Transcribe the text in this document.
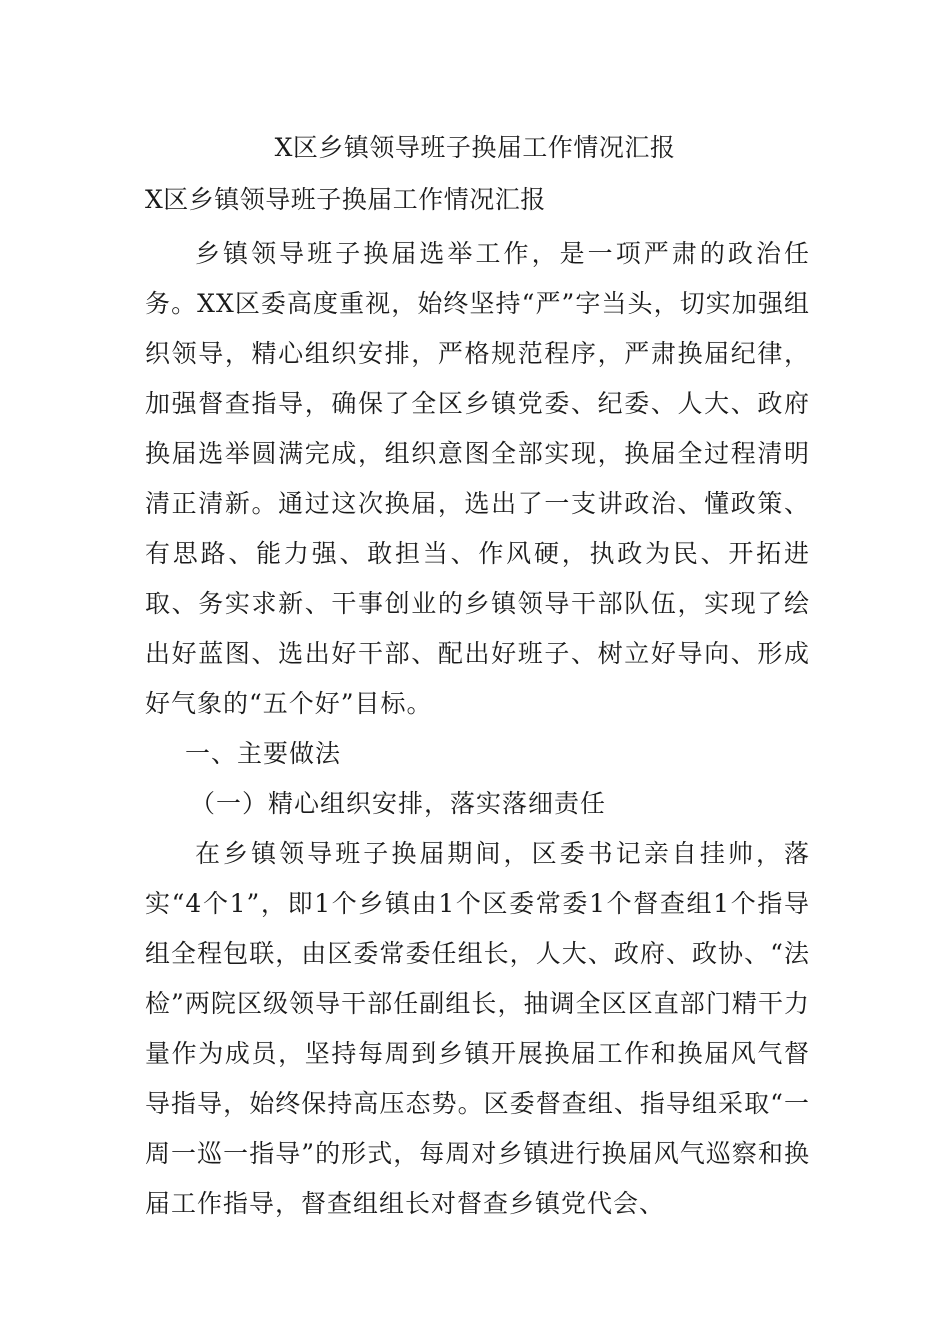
X区乡镇领导班子换届工作情况汇报

X区乡镇领导班子换届工作情况汇报

乡镇领导班子换届选举工作，是一项严肃的政治任务。XX区委高度重视，始终坚持“严”字当头，切实加强组织领导，精心组织安排，严格规范程序，严肃换届纪律，加强督查指导，确保了全区乡镇党委、纪委、人大、政府换届选举圆满完成，组织意图全部实现，换届全过程清明清正清新。通过这次换届，选出了一支讲政治、懂政策、有思路、能力强、敢担当、作风硬，执政为民、开拓进取、务实求新、干事创业的乡镇领导干部队伍，实现了绘出好蓝图、选出好干部、配出好班子、树立好导向、形成好气象的“五个好”目标。

一、主要做法

（一）精心组织安排，落实落细责任

在乡镇领导班子换届期间，区委书记亲自挂帅，落实“4个1”，即1个乡镇由1个区委常委1个督查组1个指导组全程包联，由区委常委任组长，人大、政府、政协、“法检”两院区级领导干部任副组长，抽调全区区直部门精干力量作为成员，坚持每周到乡镇开展换届工作和换届风气督导指导，始终保持高压态势。区委督查组、指导组采取“一周一巡一指导”的形式，每周对乡镇进行换届风气巡察和换届工作指导，督查组组长对督查乡镇党代会、
